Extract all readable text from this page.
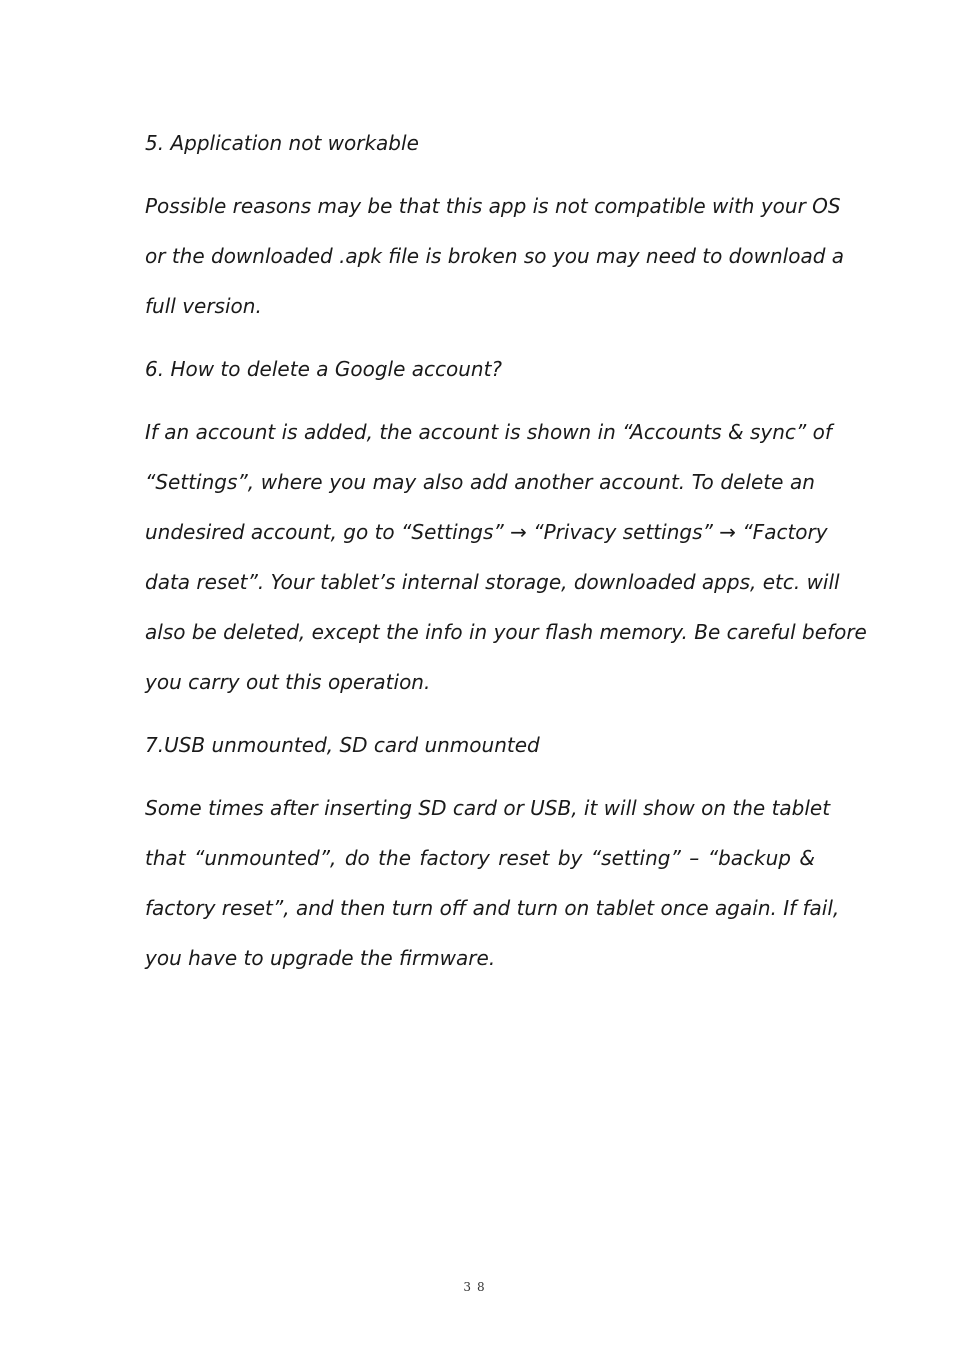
5. Application not workable

Possible reasons may be that this app is not compatible with your OS
or the downloaded .apk file is broken so you may need to download a
full version.

6. How to delete a Google account?

If an account is added, the account is shown in “Accounts & sync” of
“Settings”, where you may also add another account. To delete an
undesired account, go to “Settings” → “Privacy settings” → “Factory
data reset”. Your tablet’s internal storage, downloaded apps, etc. will
also be deleted, except the info in your flash memory. Be careful before
you carry out this operation.

7.USB unmounted, SD card unmounted

Some times after inserting SD card or USB, it will show on the tablet
that “unmounted”, do the factory reset by “setting” – “backup &
factory reset”, and then turn off and turn on tablet once again. If fail,
you have to upgrade the firmware.

38
